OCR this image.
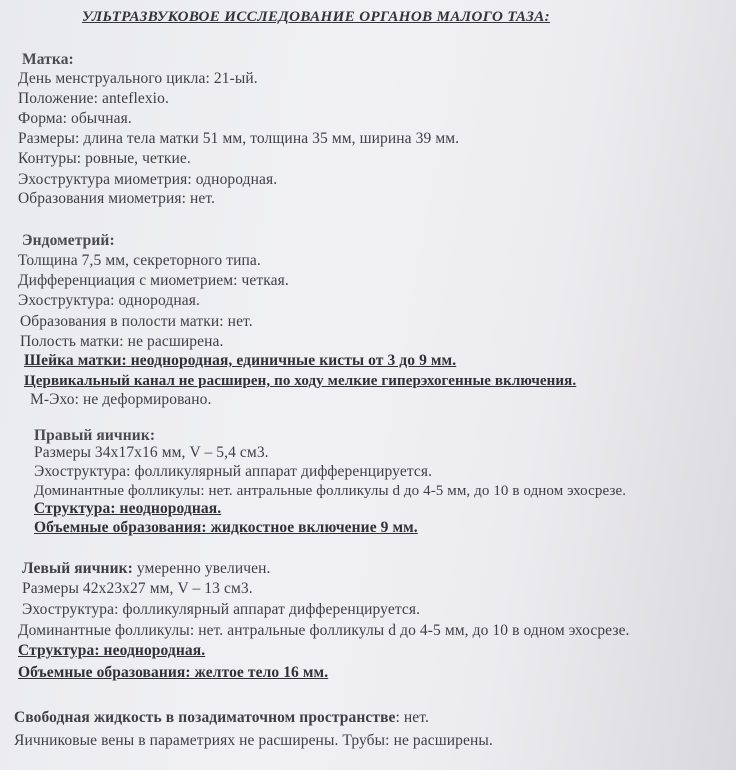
УЛЬТРАЗВУКОВОЕ ИССЛЕДОВАНИЕ ОРГАНОВ МАЛОГО ТАЗА:
Матка:
День менструального цикла: 21-ый.
Положение: anteflexio.
Форма: обычная.
Размеры: длина тела матки 51 мм, толщина 35 мм, ширина 39 мм.
Контуры: ровные, четкие.
Эхоструктура миометрия: однородная.
Образования миометрия: нет.
Эндометрий:
Толщина 7,5 мм, секреторного типа.
Дифференциация с миометрием: четкая.
Эхоструктура: однородная.
Образования в полости матки: нет.
Полость матки: не расширена.
Шейка матки: неоднородная, единичные кисты от 3 до 9 мм.
Цервикальный канал не расширен, по ходу мелкие гиперэхогенные включения.
М-Эхо: не деформировано.
Правый яичник:
Размеры 34х17х16 мм, V – 5,4 см3.
Эхоструктура: фолликулярный аппарат дифференцируется.
Доминантные фолликулы: нет. антральные фолликулы d до 4-5 мм, до 10 в одном эхосрезе.
Структура: неоднородная.
Объемные образования: жидкостное включение 9 мм.
Левый яичник: умеренно увеличен.
Размеры 42х23х27 мм, V – 13 см3.
Эхоструктура: фолликулярный аппарат дифференцируется.
Доминантные фолликулы: нет. антральные фолликулы d до 4-5 мм, до 10 в одном эхосрезе.
Структура: неоднородная.
Объемные образования: желтое тело 16 мм.
Свободная жидкость в позадиматочном пространстве: нет.
Яичниковые вены в параметриях не расширены. Трубы: не расширены.
